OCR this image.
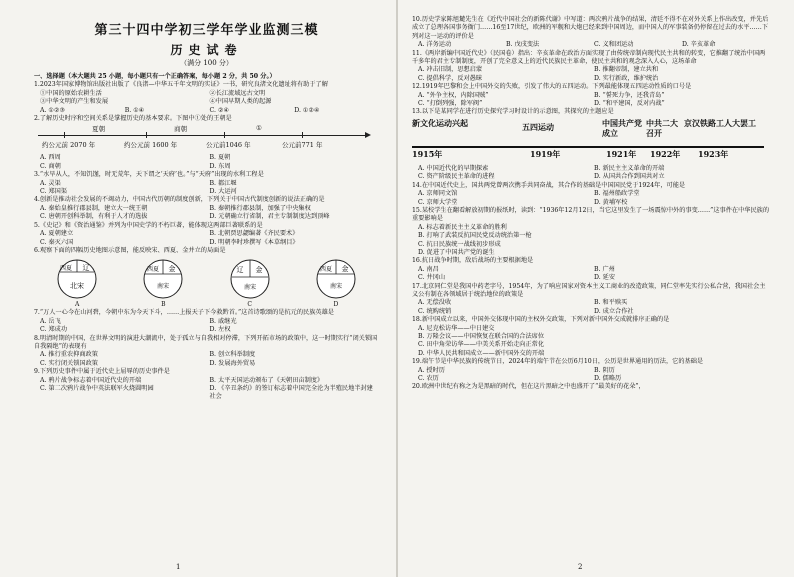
第三十四中学初三学年学业监测三模
历史试卷
（满分 100 分）
一、选择题（本大题共 25 小题，每小题只有一个正确答案，每小题 2 分，共 50 分。）

1.2023年国家博物馆出版社出版了《良渚—中华五千年文明的实证》一书，研究良渚文化遗址将有助于了解

①中国的原始农耕生活	②长江流域远古文明
③中华文明的产生和发展	④中国早期人类的起源
A. ①②③	B. ①④	C. ②④	D. ①②④

2.了解历史时序和空间关系是掌握历史的基本要求。下图中①处的王朝是

夏朝	商朝	①
约公元前 2070 年	约公元前 1600 年	公元前1046 年	公元前771 年
A. 西周	B. 夏朝
C. 商朝	D. 东周

3.“水旱从人，不知饥馑，时无荒年，天下谓之‘天府’也。”与“天府”出现的水利工程是

A. 灵渠	B. 都江堰
C. 郑国渠	D. 大运河

4.创新是推动社会发展的不竭动力，中国古代历朝的制度创新，下列关于中国古代制度创新的说法正确的是

A. 秦始皇推行郡县制，建立大一统王朝	B. 秦朝推行郡县制，加强了中央集权
C. 唐朝开创科举制，有利于人才的选拔	D. 元朝确立行省制，君主专制制度达到顶峰

5.《史记》和《资治通鉴》并列为中国史学的不朽巨著，能体现这两部巨著联系的是

A. 夏朝建立	B. 北朝贾思勰编著《齐民要术》
C. 秦灭六国	D. 明朝李时珍撰写《本草纲目》

6.观察下面的四幅历史地图示意图，能反映宋、西夏、金并立的局面是

西夏 辽
北宋
A
西夏 金
南宋
B
辽 金
南宋
C
西夏 金
南宋
D

7.“万人一心今在山河碧，今朝中东为今天下斗，……上报天子下今救黔首。”这首诗歌颂的是抗元的民族英雄是

A. 岳飞	B. 戚继光
C. 郑成功	D. 左权

8.明清时期的中国，在世界文明的演进大潮流中，处于孤立与自我相对停滞，下列开拓市场的政策中，这一时期实行“闭关锁国自我隔绝”的表现有

A. 推行重农抑商政策	B. 创立科举制度
C. 实行闭关锁国政策	D. 发展海外贸易

9.下列历史事件中属于近代史上屈辱的历史事件是

A. 鸦片战争标志着中国近代史的开端	B. 太平天国运动颁布了《天朝田亩制度》
C. 第二次鸦片战争中英法联军火烧圆明园	D. 《辛丑条约》的签订标志着中国完全沦为半殖民地半封建社会
1

10.历史学家陈旭麓先生在《近代中国社会的新陈代谢》中写道：两次鸦片战争的结果，清廷不得不在对外关系上作出改变，并先后成立了总理各国事务衙门……16至17世纪，欧洲的军舰和大炮已经来到中国周边，而中国人的军事装备仍停留在过去的水平……下列对这一运动的评价是

A. 洋务运动	B. 戊戌变法	C. 义和团运动	D. 辛亥革命

11.《两岸新编中国近代史》（民国卷）指出：辛亥革命在政治方面实现了由传统帝制向现代民主共和的转变，它推翻了统治中国两千多年的君主专制制度，开创了完全意义上的近代民族民主革命，使民主共和的观念深入人心，这场革命

A. 冲击旧制，思想启蒙	B. 推翻帝制，建立共和
C. 提倡科学，反对愚昧	D. 实行新政，维护统治

12.1919年巴黎和会上中国外交的失败，引发了伟大的五四运动。下列最能体现五四运动性质的口号是

A. “外争主权，内除国贼”	B. “誓死力争，还我青岛”
C. “打倒列强，除军阀”	D. “和平建国，反对内战”

13.以下是某同学在进行历史探究学习时设计的示意图，其探究的主题应是

新文化运动兴起	五四运动	中国共产党成立
中共二大召开
京汉铁路工人大罢工
1915年	1919年	1921年 1922年 1923年
A. 中国近代化的早期探索	B. 新民主主义革命的开端
C. 资产阶级民主革命的进程	D. 从国共合作到国共对立

14.在中国近代史上，国共两党曾两次携手共同奋战，其合作的基础是中国国民党于1924年，可能是

A. 京师同文馆	B. 福州船政学堂
C. 京师大学堂	D. 黄埔军校

15.某校学生在翻看解放初期的报纸时，读到：“1936年12月12日，当它这里发生了一场震惊中外的事变……”这事件在中华民族的重要影响是

A. 标志着新民主主义革命的胜利
B. 打响了武装反抗国民党反动统治第一枪
C. 抗日民族统一战线初步形成
D. 促进了中国共产党的诞生

16.抗日战争时期，敌后战场的主要根据地是

A. 南昌	B. 广州
C. 井冈山	D. 延安

17.北京同仁堂是我国中药老字号，1954年，为了响应国家对资本主义工商业的改造政策，同仁堂率先实行公私合营，我国社会主义公有制在各领域居于统治地位的政策是

A. 无偿没收	B. 和平赎买
C. 统购统销	D. 成立合作社

18.新中国成立以来，中国外交体现中国的主权外交政策，下列对新中国外交成就排序正确的是

A. 尼克松访华——中日建交
B. 万隆会议——中国恢复在联合国的合法席位
C. 田中角荣访华——中美关系开始走向正常化
D. 中华人民共和国成立——新中国外交的开端

19.端午节是中华民族的传统节日，2024年的端午节在公历6月10日，公历是世界通用的历法，它的基础是

A. 授时历	B. 阴历
C. 农历	D. 儒略历

20.欧洲中世纪有称之为是黑暗的时代，但在这片黑暗之中也盛开了“最美好的花朵”，

2
